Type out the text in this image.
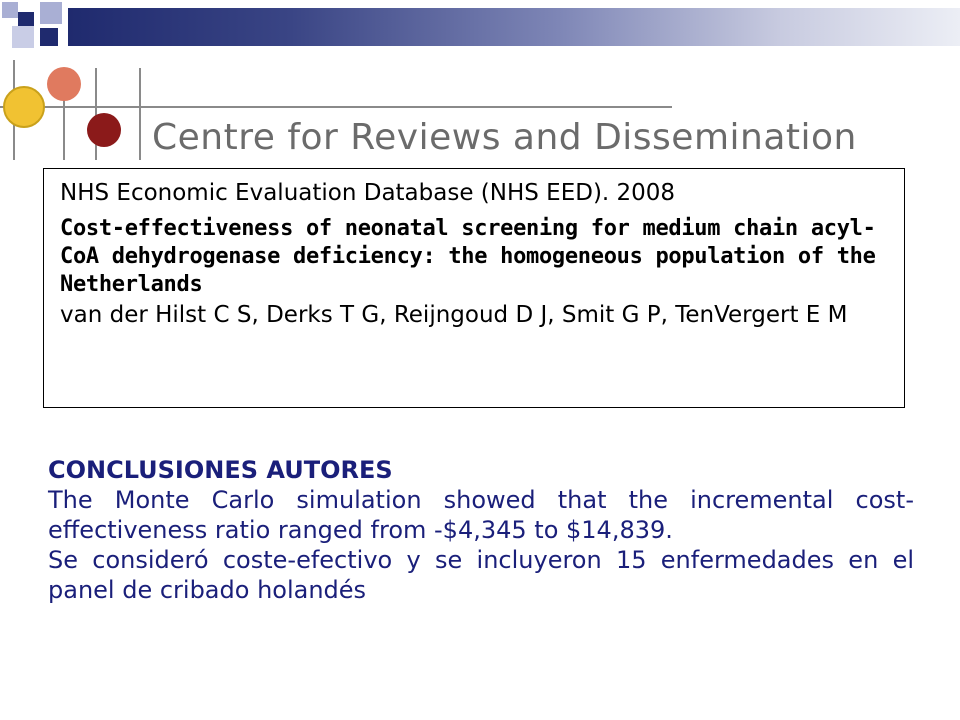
Centre for Reviews and Dissemination
NHS Economic Evaluation Database (NHS EED). 2008
Cost-effectiveness of neonatal screening for medium chain acyl-CoA dehydrogenase deficiency: the homogeneous population of the Netherlands
van der Hilst C S, Derks T G, Reijngoud D J, Smit G P, TenVergert E M
CONCLUSIONES AUTORES
The Monte Carlo simulation showed that the incremental cost-effectiveness ratio ranged from -$4,345 to $14,839.
Se consideró coste-efectivo y se incluyeron 15 enfermedades en el panel de cribado holandés
